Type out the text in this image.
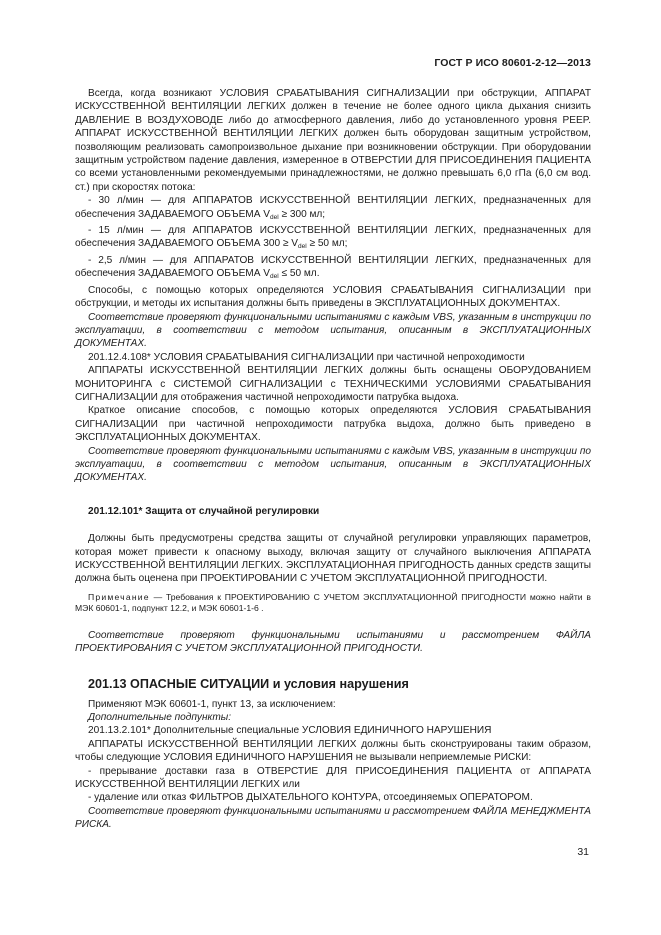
ГОСТ Р ИСО 80601-2-12—2013

Всегда, когда возникают УСЛОВИЯ СРАБАТЫВАНИЯ СИГНАЛИЗАЦИИ при обструкции, АППАРАТ ИСКУССТВЕННОЙ ВЕНТИЛЯЦИИ ЛЕГКИХ должен в течение не более одного цикла дыхания снизить ДАВЛЕНИЕ В ВОЗДУХОВОДЕ либо до атмосферного давления, либо до установленного уровня PEEP. АППАРАТ ИСКУССТВЕННОЙ ВЕНТИЛЯЦИИ ЛЕГКИХ должен быть оборудован защитным устройством, позволяющим реализовать самопроизвольное дыхание при возникновении обструкции. При оборудовании защитным устройством падение давления, измеренное в ОТВЕРСТИИ ДЛЯ ПРИСОЕДИНЕНИЯ ПАЦИЕНТА со всеми установленными рекомендуемыми принадлежностями, не должно превышать 6,0 гПа (6,0 см вод. ст.) при скоростях потока:

- 30 л/мин — для АППАРАТОВ ИСКУССТВЕННОЙ ВЕНТИЛЯЦИИ ЛЕГКИХ, предназначенных для обеспечения ЗАДАВАЕМОГО ОБЪЕМА Vdel ≥ 300 мл;

- 15 л/мин — для АППАРАТОВ ИСКУССТВЕННОЙ ВЕНТИЛЯЦИИ ЛЕГКИХ, предназначенных для обеспечения ЗАДАВАЕМОГО ОБЪЕМА 300 ≥ Vdel ≥ 50 мл;

- 2,5 л/мин — для АППАРАТОВ ИСКУССТВЕННОЙ ВЕНТИЛЯЦИИ ЛЕГКИХ, предназначенных для обеспечения ЗАДАВАЕМОГО ОБЪЕМА Vdel ≤ 50 мл.

Способы, с помощью которых определяются УСЛОВИЯ СРАБАТЫВАНИЯ СИГНАЛИЗАЦИИ при обструкции, и методы их испытания должны быть приведены в ЭКСПЛУАТАЦИОННЫХ ДОКУМЕНТАХ.

Соответствие проверяют функциональными испытаниями с каждым VBS, указанным в инструкции по эксплуатации, в соответствии с методом испытания, описанным в ЭКСПЛУАТАЦИОННЫХ ДОКУМЕНТАХ.

201.12.4.108* УСЛОВИЯ СРАБАТЫВАНИЯ СИГНАЛИЗАЦИИ при частичной непроходимости

АППАРАТЫ ИСКУССТВЕННОЙ ВЕНТИЛЯЦИИ ЛЕГКИХ должны быть оснащены ОБОРУДОВАНИЕМ МОНИТОРИНГА с СИСТЕМОЙ СИГНАЛИЗАЦИИ с ТЕХНИЧЕСКИМИ УСЛОВИЯМИ СРАБАТЫВАНИЯ СИГНАЛИЗАЦИИ для отображения частичной непроходимости патрубка выдоха.

Краткое описание способов, с помощью которых определяются УСЛОВИЯ СРАБАТЫВАНИЯ СИГНАЛИЗАЦИИ при частичной непроходимости патрубка выдоха, должно быть приведено в ЭКСПЛУАТАЦИОННЫХ ДОКУМЕНТАХ.

Соответствие проверяют функциональными испытаниями с каждым VBS, указанным в инструкции по эксплуатации, в соответствии с методом испытания, описанным в ЭКСПЛУАТАЦИОННЫХ ДОКУМЕНТАХ.

201.12.101* Защита от случайной регулировки

Должны быть предусмотрены средства защиты от случайной регулировки управляющих параметров, которая может привести к опасному выходу, включая защиту от случайного выключения АППАРАТА ИСКУССТВЕННОЙ ВЕНТИЛЯЦИИ ЛЕГКИХ. ЭКСПЛУАТАЦИОННАЯ ПРИГОДНОСТЬ данных средств защиты должна быть оценена при ПРОЕКТИРОВАНИИ С УЧЕТОМ ЭКСПЛУАТАЦИОННОЙ ПРИГОДНОСТИ.

Примечание — Требования к ПРОЕКТИРОВАНИЮ С УЧЕТОМ ЭКСПЛУАТАЦИОННОЙ ПРИГОДНОСТИ можно найти в МЭК 60601-1, подпункт 12.2, и МЭК 60601-1-6 .

Соответствие проверяют функциональными испытаниями и рассмотрением ФАЙЛА ПРОЕКТИРОВАНИЯ С УЧЕТОМ ЭКСПЛУАТАЦИОННОЙ ПРИГОДНОСТИ.

201.13 ОПАСНЫЕ СИТУАЦИИ и условия нарушения

Применяют МЭК 60601-1, пункт 13, за исключением:

Дополнительные подпункты:

201.13.2.101* Дополнительные специальные УСЛОВИЯ ЕДИНИЧНОГО НАРУШЕНИЯ

АППАРАТЫ ИСКУССТВЕННОЙ ВЕНТИЛЯЦИИ ЛЕГКИХ должны быть сконструированы таким образом, чтобы следующие УСЛОВИЯ ЕДИНИЧНОГО НАРУШЕНИЯ не вызывали неприемлемые РИСКИ:

- прерывание доставки газа в ОТВЕРСТИЕ ДЛЯ ПРИСОЕДИНЕНИЯ ПАЦИЕНТА от АППАРАТА ИСКУССТВЕННОЙ ВЕНТИЛЯЦИИ ЛЕГКИХ или

- удаление или отказ ФИЛЬТРОВ ДЫХАТЕЛЬНОГО КОНТУРА, отсоединяемых ОПЕРАТОРОМ.

Соответствие проверяют функциональными испытаниями и рассмотрением ФАЙЛА МЕНЕДЖМЕНТА РИСКА.

31
